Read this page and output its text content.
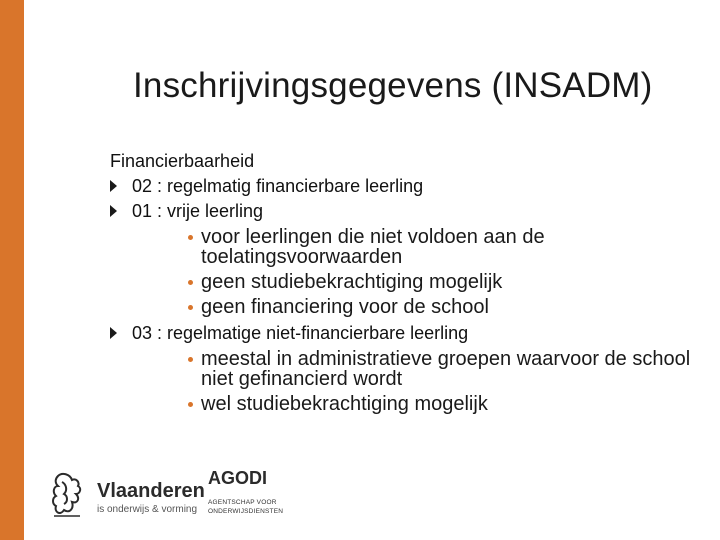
Inschrijvingsgegevens (INSADM)
Financierbaarheid
02 : regelmatig financierbare leerling
01 : vrije leerling
voor leerlingen die niet voldoen aan de toelatingsvoorwaarden
geen studiebekrachtiging mogelijk
geen financiering voor de school
03 : regelmatige niet-financierbare leerling
meestal in administratieve groepen waarvoor de school niet gefinancierd wordt
wel studiebekrachtiging mogelijk
Vlaanderen
is onderwijs & vorming
AGODI
AGENTSCHAP VOOR
ONDERWIJSDIENSTEN
